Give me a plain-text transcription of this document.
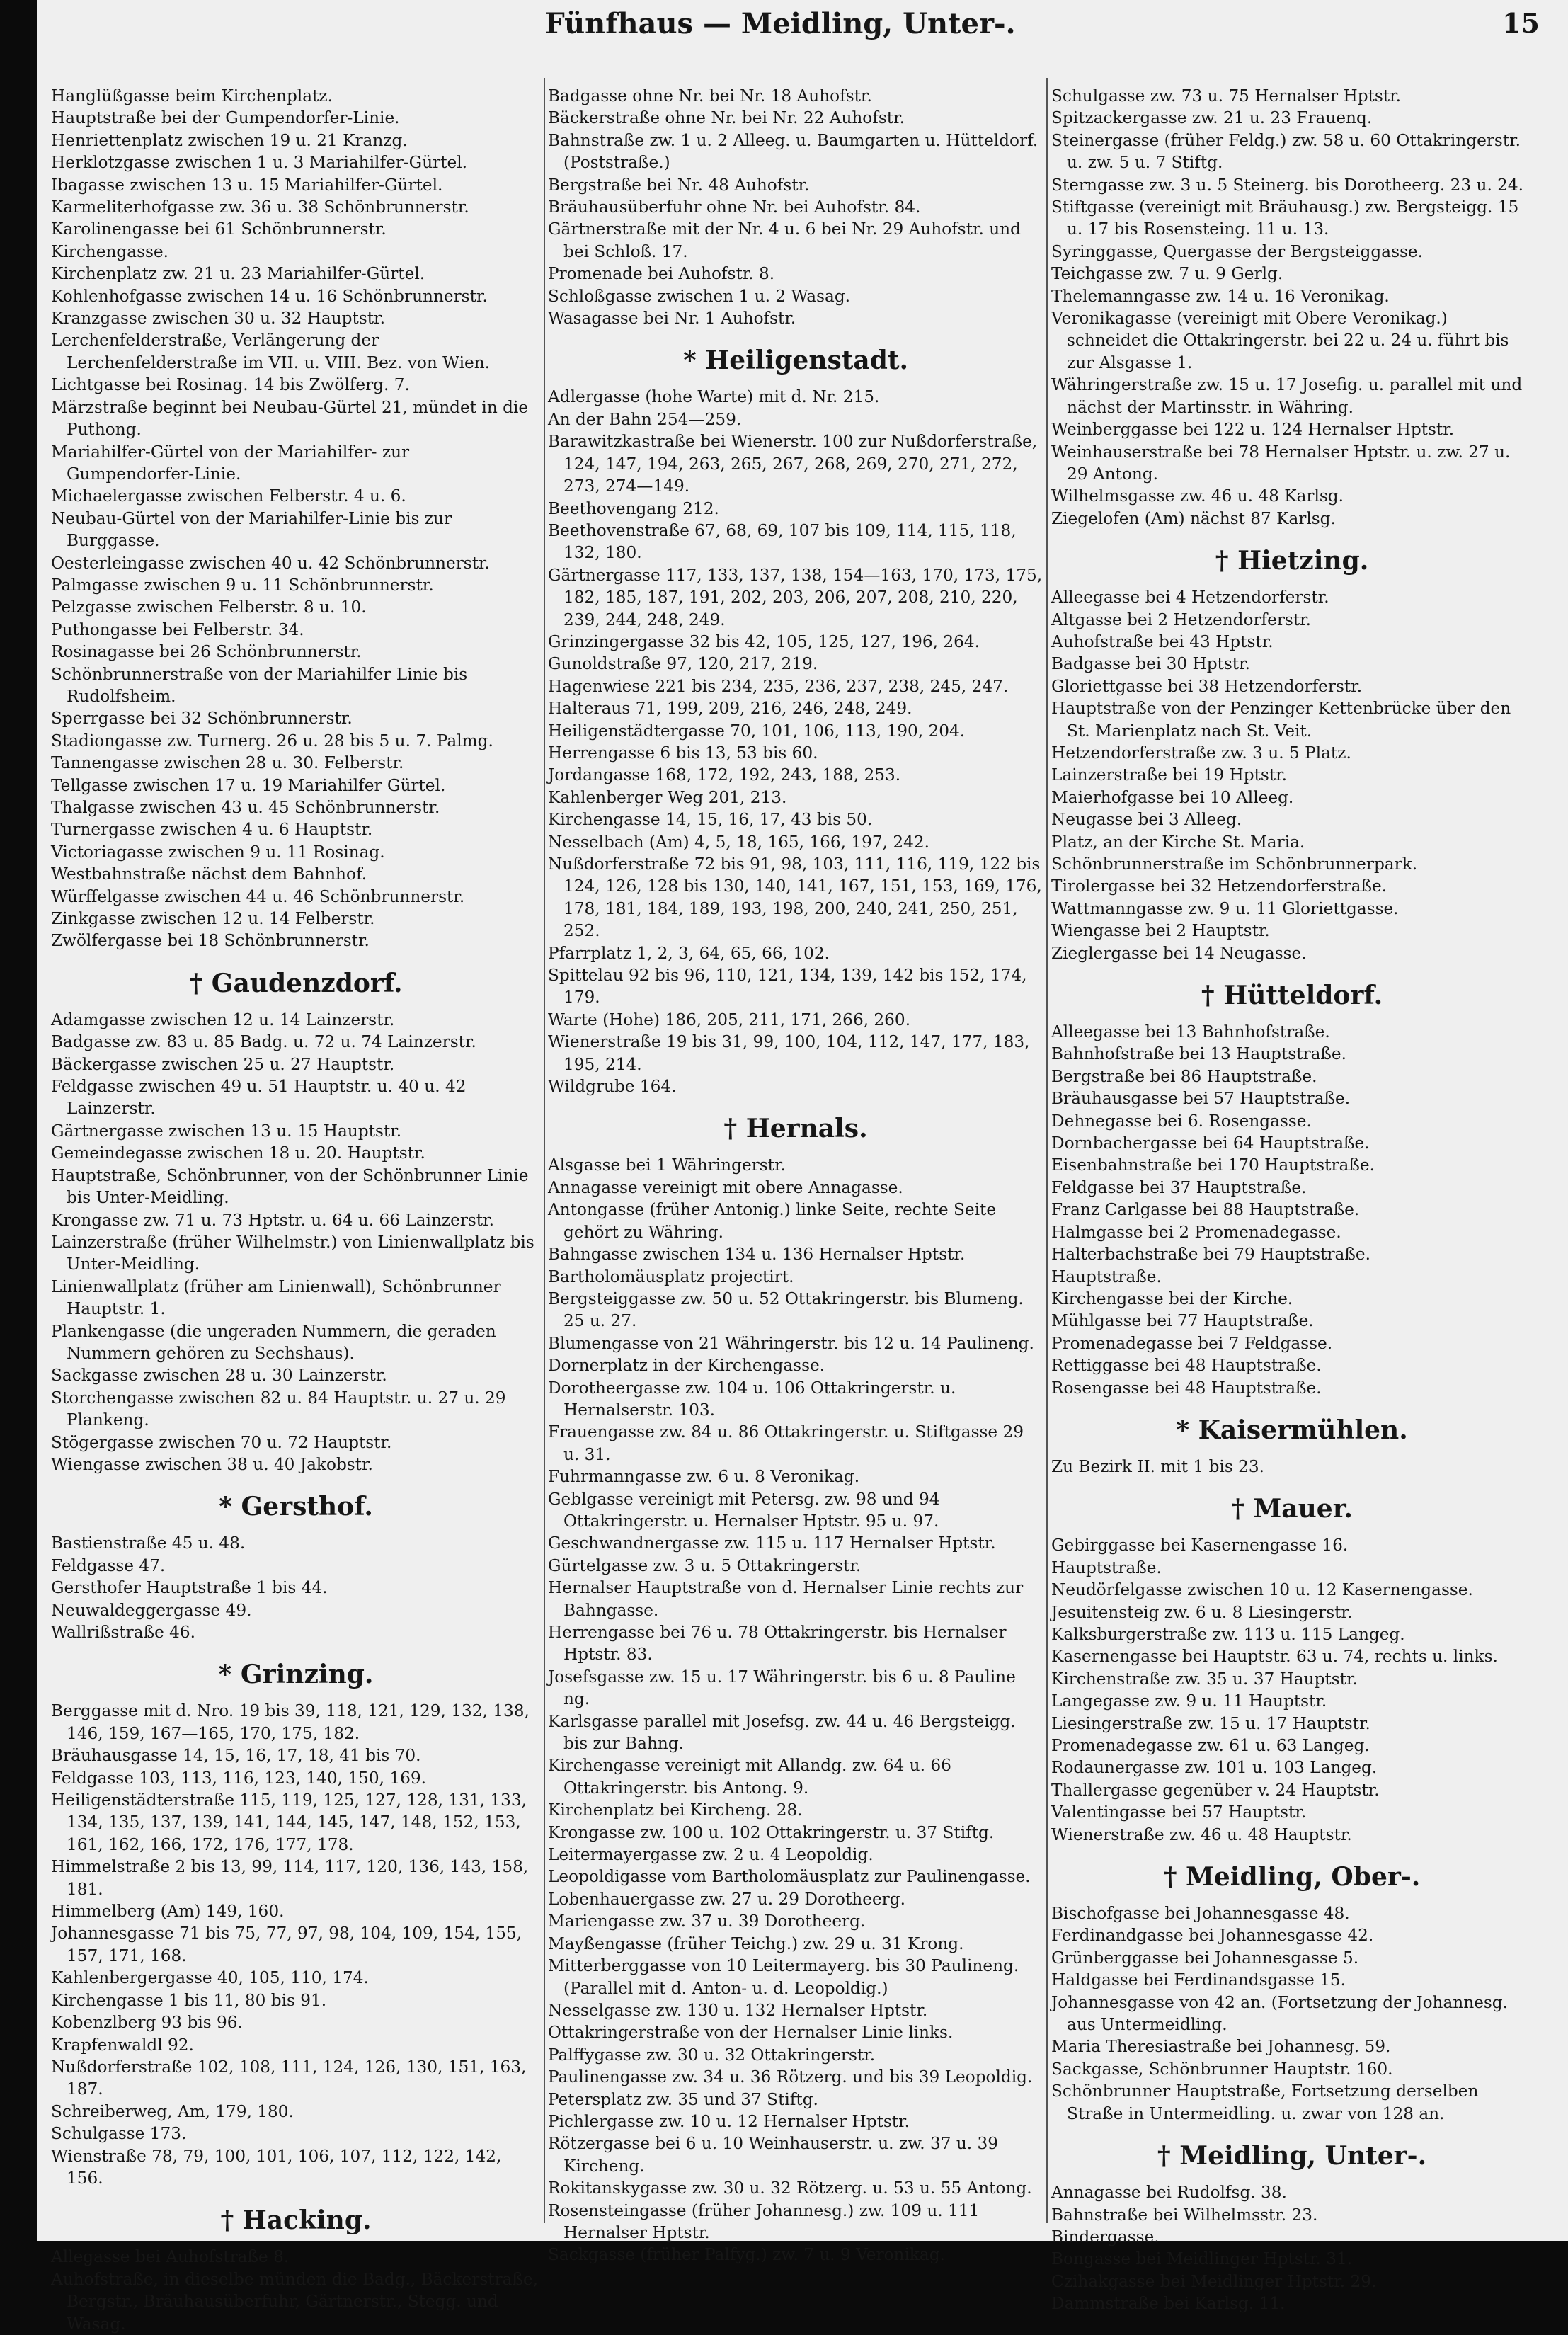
Fünfhaus — Meidling, Unter-.	15

Hanglüßgasse beim Kirchenplatz.

Hauptstraße bei der Gumpendorfer-Linie.

Henriettenplatz zwischen 19 u. 21 Kranzg.

Herklotzgasse zwischen 1 u. 3 Mariahilfer-Gürtel.

Ibagasse zwischen 13 u. 15 Mariahilfer-Gürtel.

Karmeliterhofgasse zw. 36 u. 38 Schönbrunnerstr.

Karolinengasse bei 61 Schönbrunnerstr.

Kirchengasse.

Kirchenplatz zw. 21 u. 23 Mariahilfer-Gürtel.

Kohlenhofgasse zwischen 14 u. 16 Schönbrunnerstr.

Kranzgasse zwischen 30 u. 32 Hauptstr.

Lerchenfelderstraße, Verlängerung der Lerchenfelderstraße im VII. u. VIII. Bez. von Wien.

Lichtgasse bei Rosinag. 14 bis Zwölferg. 7.

Märzstraße beginnt bei Neubau-Gürtel 21, mündet in die Puthong.

Mariahilfer-Gürtel von der Mariahilfer- zur Gumpendorfer-Linie.

Michaelergasse zwischen Felberstr. 4 u. 6.

Neubau-Gürtel von der Mariahilfer-Linie bis zur Burggasse.

Oesterleingasse zwischen 40 u. 42 Schönbrunnerstr.

Palmgasse zwischen 9 u. 11 Schönbrunnerstr.

Pelzgasse zwischen Felberstr. 8 u. 10.

Puthongasse bei Felberstr. 34.

Rosinagasse bei 26 Schönbrunnerstr.

Schönbrunnerstraße von der Mariahilfer Linie bis Rudolfsheim.

Sperrgasse bei 32 Schönbrunnerstr.

Stadiongasse zw. Turnerg. 26 u. 28 bis 5 u. 7. Palmg.

Tannengasse zwischen 28 u. 30. Felberstr.

Tellgasse zwischen 17 u. 19 Mariahilfer Gürtel.

Thalgasse zwischen 43 u. 45 Schönbrunnerstr.

Turnergasse zwischen 4 u. 6 Hauptstr.

Victoriagasse zwischen 9 u. 11 Rosinag.

Westbahnstraße nächst dem Bahnhof.

Würffelgasse zwischen 44 u. 46 Schönbrunnerstr.

Zinkgasse zwischen 12 u. 14 Felberstr.

Zwölfergasse bei 18 Schönbrunnerstr.

† Gaudenzdorf.

Adamgasse zwischen 12 u. 14 Lainzerstr.

Badgasse zw. 83 u. 85 Badg. u. 72 u. 74 Lainzerstr.

Bäckergasse zwischen 25 u. 27 Hauptstr.

Feldgasse zwischen 49 u. 51 Hauptstr. u. 40 u. 42 Lainzerstr.

Gärtnergasse zwischen 13 u. 15 Hauptstr.

Gemeindegasse zwischen 18 u. 20. Hauptstr.

Hauptstraße, Schönbrunner, von der Schönbrunner Linie bis Unter-Meidling.

Krongasse zw. 71 u. 73 Hptstr. u. 64 u. 66 Lainzerstr.

Lainzerstraße (früher Wilhelmstr.) von Linienwallplatz bis Unter-Meidling.

Linienwallplatz (früher am Linienwall), Schönbrunner Hauptstr. 1.

Plankengasse (die ungeraden Nummern, die geraden Nummern gehören zu Sechshaus).

Sackgasse zwischen 28 u. 30 Lainzerstr.

Storchengasse zwischen 82 u. 84 Hauptstr. u. 27 u. 29 Plankeng.

Stögergasse zwischen 70 u. 72 Hauptstr.

Wiengasse zwischen 38 u. 40 Jakobstr.

* Gersthof.

Bastienstraße 45 u. 48.

Feldgasse 47.

Gersthofer Hauptstraße 1 bis 44.

Neuwaldeggergasse 49.

Wallrißstraße 46.

* Grinzing.

Berggasse mit d. Nro. 19 bis 39, 118, 121, 129, 132, 138, 146, 159, 167—165, 170, 175, 182.

Bräuhausgasse 14, 15, 16, 17, 18, 41 bis 70.

Feldgasse 103, 113, 116, 123, 140, 150, 169.

Heiligenstädterstraße 115, 119, 125, 127, 128, 131, 133, 134, 135, 137, 139, 141, 144, 145, 147, 148, 152, 153, 161, 162, 166, 172, 176, 177, 178.

Himmelstraße 2 bis 13, 99, 114, 117, 120, 136, 143, 158, 181.

Himmelberg (Am) 149, 160.

Johannesgasse 71 bis 75, 77, 97, 98, 104, 109, 154, 155, 157, 171, 168.

Kahlenbergergasse 40, 105, 110, 174.

Kirchengasse 1 bis 11, 80 bis 91.

Kobenzlberg 93 bis 96.

Krapfenwaldl 92.

Nußdorferstraße 102, 108, 111, 124, 126, 130, 151, 163, 187.

Schreiberweg, Am, 179, 180.

Schulgasse 173.

Wienstraße 78, 79, 100, 101, 106, 107, 112, 122, 142, 156.

† Hacking.

Allegasse bei Auhofstraße 8.

Auhofstraße, in dieselbe münden die Badg., Bäckerstraße, Bergstr., Bräuhausüberfuhr, Gärtnerstr., Stegg. und Wasag.

Badgasse ohne Nr. bei Nr. 18 Auhofstr.

Bäckerstraße ohne Nr. bei Nr. 22 Auhofstr.

Bahnstraße zw. 1 u. 2 Alleeg. u. Baumgarten u. Hütteldorf. (Poststraße.)

Bergstraße bei Nr. 48 Auhofstr.

Bräuhausüberfuhr ohne Nr. bei Auhofstr. 84.

Gärtnerstraße mit der Nr. 4 u. 6 bei Nr. 29 Auhofstr. und bei Schloß. 17.

Promenade bei Auhofstr. 8.

Schloßgasse zwischen 1 u. 2 Wasag.

Wasagasse bei Nr. 1 Auhofstr.

* Heiligenstadt.

Adlergasse (hohe Warte) mit d. Nr. 215.

An der Bahn 254—259.

Barawitzkastraße bei Wienerstr. 100 zur Nußdorferstraße, 124, 147, 194, 263, 265, 267, 268, 269, 270, 271, 272, 273, 274—149.

Beethovengang 212.

Beethovenstraße 67, 68, 69, 107 bis 109, 114, 115, 118, 132, 180.

Gärtnergasse 117, 133, 137, 138, 154—163, 170, 173, 175, 182, 185, 187, 191, 202, 203, 206, 207, 208, 210, 220, 239, 244, 248, 249.

Grinzingergasse 32 bis 42, 105, 125, 127, 196, 264.

Gunoldstraße 97, 120, 217, 219.

Hagenwiese 221 bis 234, 235, 236, 237, 238, 245, 247.

Halteraus 71, 199, 209, 216, 246, 248, 249.

Heiligenstädtergasse 70, 101, 106, 113, 190, 204.

Herrengasse 6 bis 13, 53 bis 60.

Jordangasse 168, 172, 192, 243, 188, 253.

Kahlenberger Weg 201, 213.

Kirchengasse 14, 15, 16, 17, 43 bis 50.

Nesselbach (Am) 4, 5, 18, 165, 166, 197, 242.

Nußdorferstraße 72 bis 91, 98, 103, 111, 116, 119, 122 bis 124, 126, 128 bis 130, 140, 141, 167, 151, 153, 169, 176, 178, 181, 184, 189, 193, 198, 200, 240, 241, 250, 251, 252.

Pfarrplatz 1, 2, 3, 64, 65, 66, 102.

Spittelau 92 bis 96, 110, 121, 134, 139, 142 bis 152, 174, 179.

Warte (Hohe) 186, 205, 211, 171, 266, 260.

Wienerstraße 19 bis 31, 99, 100, 104, 112, 147, 177, 183, 195, 214.

Wildgrube 164.

† Hernals.

Alsgasse bei 1 Währingerstr.

Annagasse vereinigt mit obere Annagasse.

Antongasse (früher Antonig.) linke Seite, rechte Seite gehört zu Währing.

Bahngasse zwischen 134 u. 136 Hernalser Hptstr.

Bartholomäusplatz projectirt.

Bergsteiggasse zw. 50 u. 52 Ottakringerstr. bis Blumeng. 25 u. 27.

Blumengasse von 21 Währingerstr. bis 12 u. 14 Paulineng.

Dornerplatz in der Kirchengasse.

Dorotheergasse zw. 104 u. 106 Ottakringerstr. u. Hernalserstr. 103.

Frauengasse zw. 84 u. 86 Ottakringerstr. u. Stiftgasse 29 u. 31.

Fuhrmanngasse zw. 6 u. 8 Veronikag.

Geblgasse vereinigt mit Petersg. zw. 98 und 94 Ottakringerstr. u. Hernalser Hptstr. 95 u. 97.

Geschwandnergasse zw. 115 u. 117 Hernalser Hptstr.

Gürtelgasse zw. 3 u. 5 Ottakringerstr.

Hernalser Hauptstraße von d. Hernalser Linie rechts zur Bahngasse.

Herrengasse bei 76 u. 78 Ottakringerstr. bis Hernalser Hptstr. 83.

Josefsgasse zw. 15 u. 17 Währingerstr. bis 6 u. 8 Pauline ng.

Karlsgasse parallel mit Josefsg. zw. 44 u. 46 Bergsteigg. bis zur Bahng.

Kirchengasse vereinigt mit Allandg. zw. 64 u. 66 Ottakringerstr. bis Antong. 9.

Kirchenplatz bei Kircheng. 28.

Krongasse zw. 100 u. 102 Ottakringerstr. u. 37 Stiftg.

Leitermayergasse zw. 2 u. 4 Leopoldig.

Leopoldigasse vom Bartholomäusplatz zur Paulinengasse.

Lobenhauergasse zw. 27 u. 29 Dorotheerg.

Mariengasse zw. 37 u. 39 Dorotheerg.

Mayßengasse (früher Teichg.) zw. 29 u. 31 Krong.

Mitterberggasse von 10 Leitermayerg. bis 30 Paulineng. (Parallel mit d. Anton- u. d. Leopoldig.)

Nesselgasse zw. 130 u. 132 Hernalser Hptstr.

Ottakringerstraße von der Hernalser Linie links.

Palffygasse zw. 30 u. 32 Ottakringerstr.

Paulinengasse zw. 34 u. 36 Rötzerg. und bis 39 Leopoldig.

Petersplatz zw. 35 und 37 Stiftg.

Pichlergasse zw. 10 u. 12 Hernalser Hptstr.

Rötzergasse bei 6 u. 10 Weinhauserstr. u. zw. 37 u. 39 Kircheng.

Rokitanskygasse zw. 30 u. 32 Rötzerg. u. 53 u. 55 Antong.

Rosensteingasse (früher Johannesg.) zw. 109 u. 111 Hernalser Hptstr.

Sackgasse (früher Palfyg.) zw. 7 u. 9 Veronikag.

Schulgasse zw. 73 u. 75 Hernalser Hptstr.

Spitzackergasse zw. 21 u. 23 Frauenq.

Steinergasse (früher Feldg.) zw. 58 u. 60 Ottakringerstr. u. zw. 5 u. 7 Stiftg.

Sterngasse zw. 3 u. 5 Steinerg. bis Dorotheerg. 23 u. 24.

Stiftgasse (vereinigt mit Bräuhausg.) zw. Bergsteigg. 15 u. 17 bis Rosensteing. 11 u. 13.

Syringgasse, Quergasse der Bergsteiggasse.

Teichgasse zw. 7 u. 9 Gerlg.

Thelemanngasse zw. 14 u. 16 Veronikag.

Veronikagasse (vereinigt mit Obere Veronikag.) schneidet die Ottakringerstr. bei 22 u. 24 u. führt bis zur Alsgasse 1.

Währingerstraße zw. 15 u. 17 Josefig. u. parallel mit und nächst der Martinsstr. in Währing.

Weinberggasse bei 122 u. 124 Hernalser Hptstr.

Weinhauserstraße bei 78 Hernalser Hptstr. u. zw. 27 u. 29 Antong.

Wilhelmsgasse zw. 46 u. 48 Karlsg.

Ziegelofen (Am) nächst 87 Karlsg.

† Hietzing.

Alleegasse bei 4 Hetzendorferstr.

Altgasse bei 2 Hetzendorferstr.

Auhofstraße bei 43 Hptstr.

Badgasse bei 30 Hptstr.

Gloriettgasse bei 38 Hetzendorferstr.

Hauptstraße von der Penzinger Kettenbrücke über den St. Marienplatz nach St. Veit.

Hetzendorferstraße zw. 3 u. 5 Platz.

Lainzerstraße bei 19 Hptstr.

Maierhofgasse bei 10 Alleeg.

Neugasse bei 3 Alleeg.

Platz, an der Kirche St. Maria.

Schönbrunnerstraße im Schönbrunnerpark.

Tirolergasse bei 32 Hetzendorferstraße.

Wattmanngasse zw. 9 u. 11 Gloriettgasse.

Wiengasse bei 2 Hauptstr.

Zieglergasse bei 14 Neugasse.

† Hütteldorf.

Alleegasse bei 13 Bahnhofstraße.

Bahnhofstraße bei 13 Hauptstraße.

Bergstraße bei 86 Hauptstraße.

Bräuhausgasse bei 57 Hauptstraße.

Dehnegasse bei 6. Rosengasse.

Dornbachergasse bei 64 Hauptstraße.

Eisenbahnstraße bei 170 Hauptstraße.

Feldgasse bei 37 Hauptstraße.

Franz Carlgasse bei 88 Hauptstraße.

Halmgasse bei 2 Promenadegasse.

Halterbachstraße bei 79 Hauptstraße.

Hauptstraße.

Kirchengasse bei der Kirche.

Mühlgasse bei 77 Hauptstraße.

Promenadegasse bei 7 Feldgasse.

Rettiggasse bei 48 Hauptstraße.

Rosengasse bei 48 Hauptstraße.

* Kaisermühlen.

Zu Bezirk II. mit 1 bis 23.

† Mauer.

Gebirggasse bei Kasernengasse 16.

Hauptstraße.

Neudörfelgasse zwischen 10 u. 12 Kasernengasse.

Jesuitensteig zw. 6 u. 8 Liesingerstr.

Kalksburgerstraße zw. 113 u. 115 Langeg.

Kasernengasse bei Hauptstr. 63 u. 74, rechts u. links.

Kirchenstraße zw. 35 u. 37 Hauptstr.

Langegasse zw. 9 u. 11 Hauptstr.

Liesingerstraße zw. 15 u. 17 Hauptstr.

Promenadegasse zw. 61 u. 63 Langeg.

Rodaunergasse zw. 101 u. 103 Langeg.

Thallergasse gegenüber v. 24 Hauptstr.

Valentingasse bei 57 Hauptstr.

Wienerstraße zw. 46 u. 48 Hauptstr.

† Meidling, Ober-.

Bischofgasse bei Johannesgasse 48.

Ferdinandgasse bei Johannesgasse 42.

Grünberggasse bei Johannesgasse 5.

Haldgasse bei Ferdinandsgasse 15.

Johannesgasse von 42 an. (Fortsetzung der Johannesg. aus Untermeidling.

Maria Theresiastraße bei Johannesg. 59.

Sackgasse, Schönbrunner Hauptstr. 160.

Schönbrunner Hauptstraße, Fortsetzung derselben Straße in Untermeidling. u. zwar von 128 an.

† Meidling, Unter-.

Annagasse bei Rudolfsg. 38.

Bahnstraße bei Wilhelmsstr. 23.

Bindergasse.

Bongasse bei Meidlinger Hptstr. 31.

Czihakgasse bei Meidlinger Hptstr. 29.

Dammstraße bei Karlsg. 11.
